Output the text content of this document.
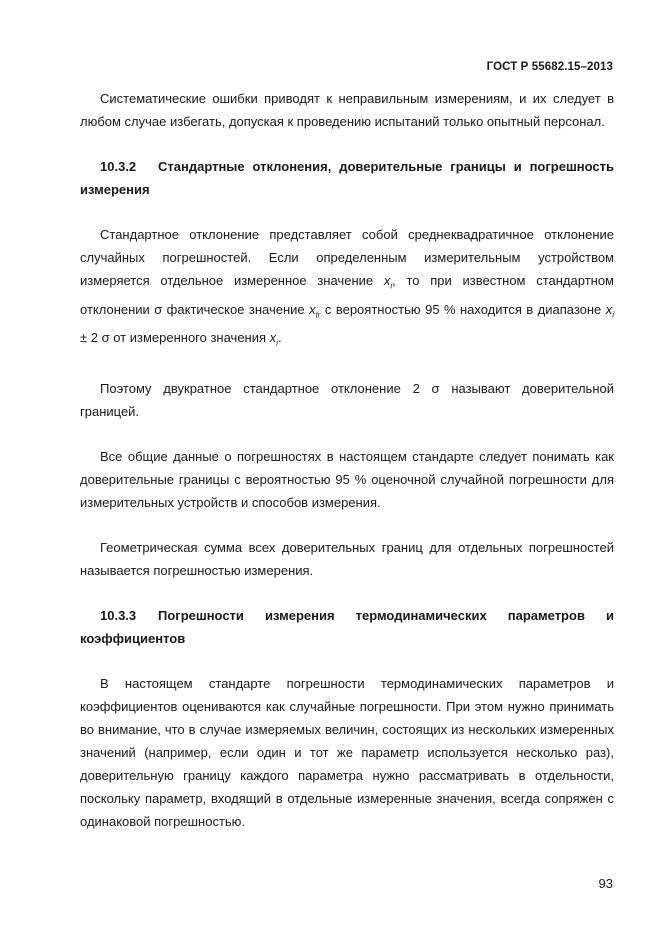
ГОСТ Р 55682.15–2013

Систематические ошибки приводят к неправильным измерениям, и их следует в любом случае избегать, допуская к проведению испытаний только опытный персонал.

10.3.2 Стандартные отклонения, доверительные границы и погрешность измерения

Стандартное отклонение представляет собой среднеквадратичное отклонение случайных погрешностей. Если определенным измерительным устройством измеряется отдельное измеренное значение $x_i$, то при известном стандартном отклонении σ фактическое значение $x_{tr}$ с вероятностью 95 % находится в диапазоне $x_i \pm 2$ σ от измеренного значения $x_i$.

Поэтому двукратное стандартное отклонение 2 σ называют доверительной границей.

Все общие данные о погрешностях в настоящем стандарте следует понимать как доверительные границы с вероятностью 95 % оценочной случайной погрешности для измерительных устройств и способов измерения.

Геометрическая сумма всех доверительных границ для отдельных погрешностей называется погрешностью измерения.

10.3.3 Погрешности измерения термодинамических параметров и коэффициентов

В настоящем стандарте погрешности термодинамических параметров и коэффициентов оцениваются как случайные погрешности. При этом нужно принимать во внимание, что в случае измеряемых величин, состоящих из нескольких измеренных значений (например, если один и тот же параметр используется несколько раз), доверительную границу каждого параметра нужно рассматривать в отдельности, поскольку параметр, входящий в отдельные измеренные значения, всегда сопряжен с одинаковой погрешностью.

93
